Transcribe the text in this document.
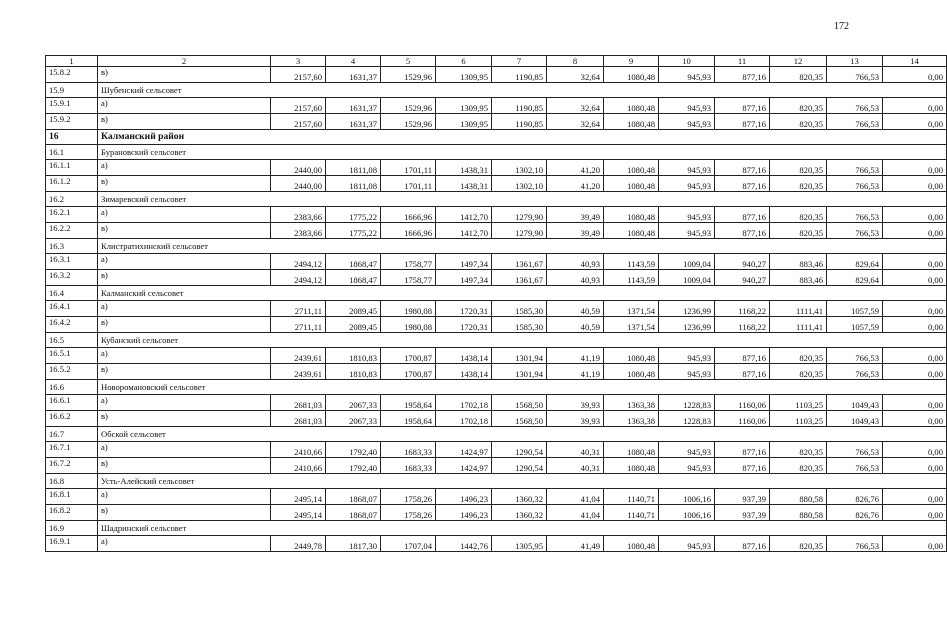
172
1	2	3	4	5	6	7	8	9	10	11	12	13	14
15.8.2	в)	2157,60	1631,37	1529,96	1309,95	1190,85	32,64	1080,48	945,93	877,16	820,35	766,53	0,00
15.9	Шубенский сельсовет												
15.9.1	а)	2157,60	1631,37	1529,96	1309,95	1190,85	32,64	1080,48	945,93	877,16	820,35	766,53	0,00
15.9.2	в)	2157,60	1631,37	1529,96	1309,95	1190,85	32,64	1080,48	945,93	877,16	820,35	766,53	0,00
16	Калманский район												
16.1	Бурановский сельсовет												
16.1.1	а)	2440,00	1811,08	1701,11	1438,31	1302,10	41,20	1080,48	945,93	877,16	820,35	766,53	0,00
16.1.2	в)	2440,00	1811,08	1701,11	1438,31	1302,10	41,20	1080,48	945,93	877,16	820,35	766,53	0,00
16.2	Зимаревский сельсовет												
16.2.1	а)	2383,66	1775,22	1666,96	1412,70	1279,90	39,49	1080,48	945,93	877,16	820,35	766,53	0,00
16.2.2	в)	2383,66	1775,22	1666,96	1412,70	1279,90	39,49	1080,48	945,93	877,16	820,35	766,53	0,00
16.3	Клистратихинский сельсовет												
16.3.1	а)	2494,12	1868,47	1758,77	1497,34	1361,67	40,93	1143,59	1009,04	940,27	883,46	829,64	0,00
16.3.2	в)	2494,12	1868,47	1758,77	1497,34	1361,67	40,93	1143,59	1009,04	940,27	883,46	829,64	0,00
16.4	Калманский сельсовет												
16.4.1	а)	2711,11	2089,45	1980,08	1720,31	1585,30	40,59	1371,54	1236,99	1168,22	1111,41	1057,59	0,00
16.4.2	в)	2711,11	2089,45	1980,08	1720,31	1585,30	40,59	1371,54	1236,99	1168,22	1111,41	1057,59	0,00
16.5	Кубанский сельсовет												
16.5.1	а)	2439,61	1810,83	1700,87	1438,14	1301,94	41,19	1080,48	945,93	877,16	820,35	766,53	0,00
16.5.2	в)	2439,61	1810,83	1700,87	1438,14	1301,94	41,19	1080,48	945,93	877,16	820,35	766,53	0,00
16.6	Новоромановский сельсовет												
16.6.1	а)	2681,03	2067,33	1958,64	1702,18	1568,50	39,93	1363,38	1228,83	1160,06	1103,25	1049,43	0,00
16.6.2	в)	2681,03	2067,33	1958,64	1702,18	1568,50	39,93	1363,38	1228,83	1160,06	1103,25	1049,43	0,00
16.7	Обской сельсовет												
16.7.1	а)	2410,66	1792,40	1683,33	1424,97	1290,54	40,31	1080,48	945,93	877,16	820,35	766,53	0,00
16.7.2	в)	2410,66	1792,40	1683,33	1424,97	1290,54	40,31	1080,48	945,93	877,16	820,35	766,53	0,00
16.8	Усть-Алейский сельсовет												
16.8.1	а)	2495,14	1868,07	1758,26	1496,23	1360,32	41,04	1140,71	1006,16	937,39	880,58	826,76	0,00
16.8.2	в)	2495,14	1868,07	1758,26	1496,23	1360,32	41,04	1140,71	1006,16	937,39	880,58	826,76	0,00
16.9	Шадринский сельсовет												
16.9.1	а)	2449,78	1817,30	1707,04	1442,76	1305,95	41,49	1080,48	945,93	877,16	820,35	766,53	0,00
